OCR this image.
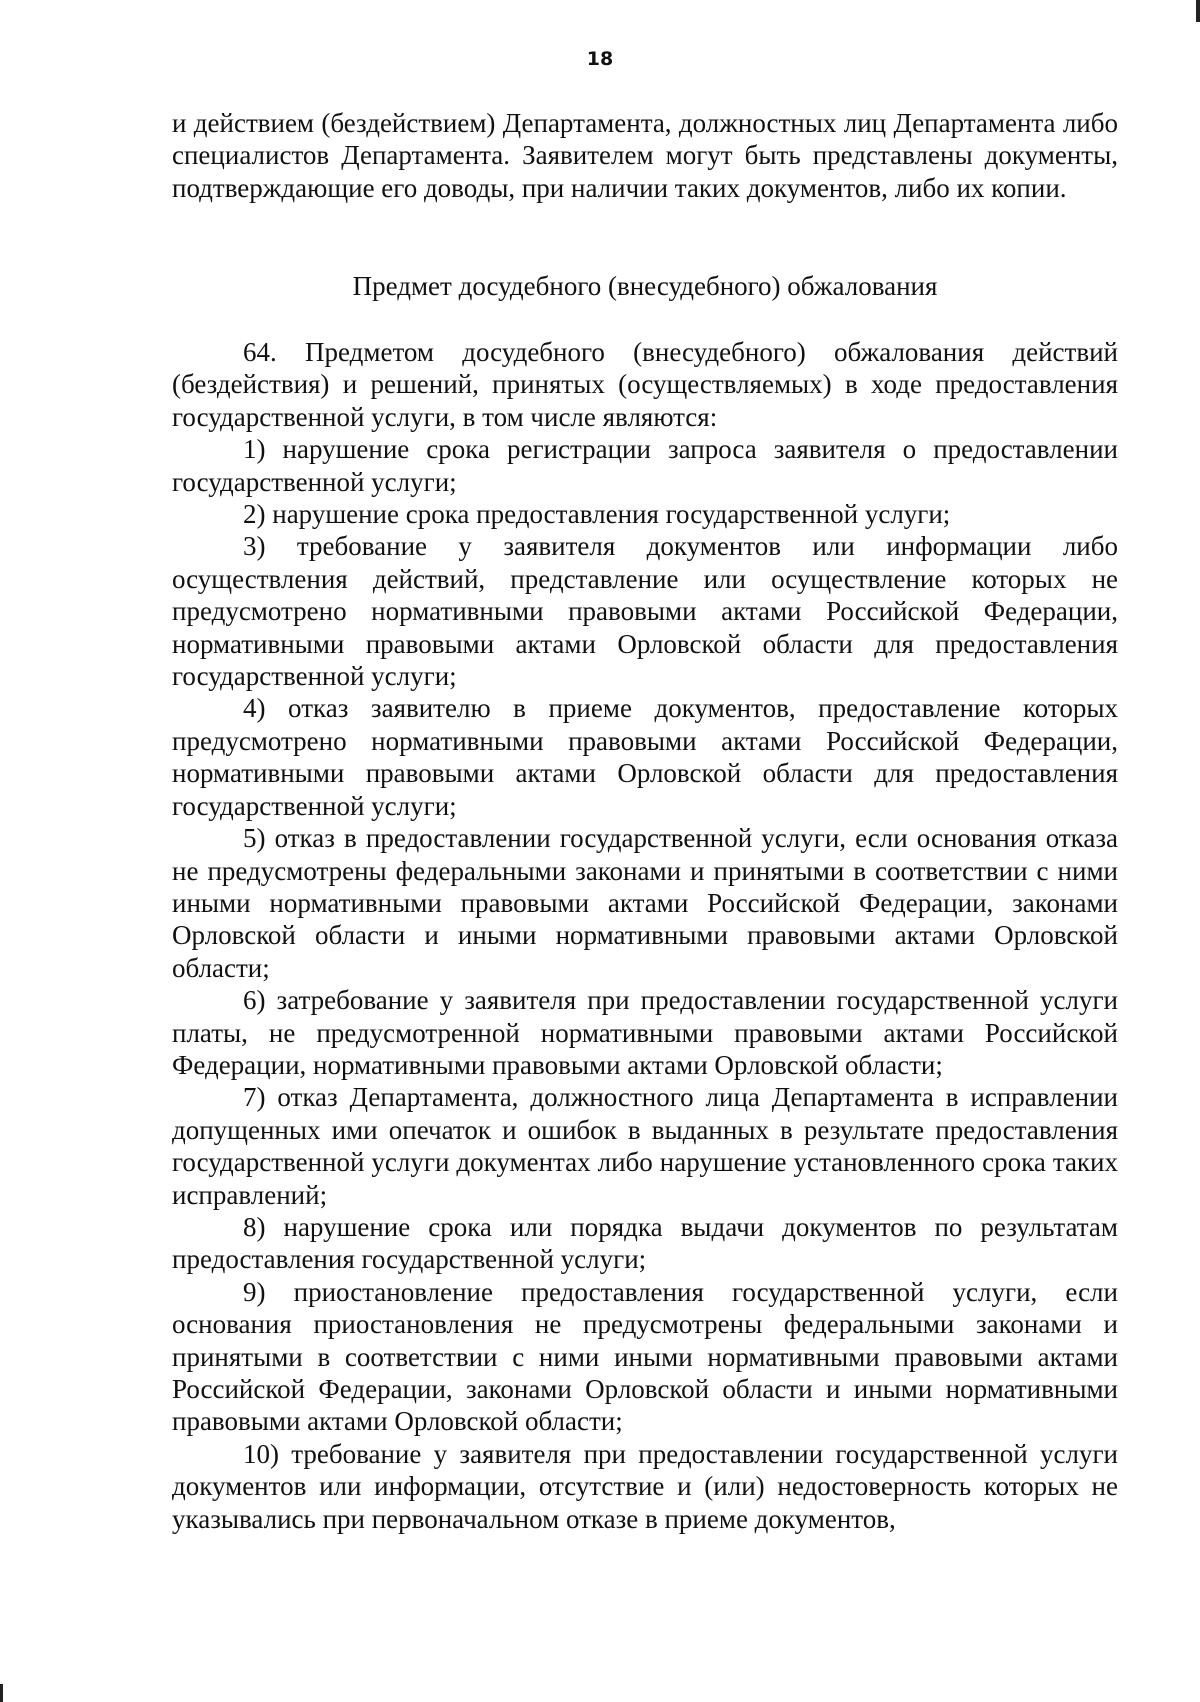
18

и действием (бездействием) Департамента, должностных лиц Департамента либо специалистов Департамента. Заявителем могут быть представлены документы, подтверждающие его доводы, при наличии таких документов, либо их копии.

Предмет досудебного (внесудебного) обжалования

64. Предметом досудебного (внесудебного) обжалования действий (бездействия) и решений, принятых (осуществляемых) в ходе предоставления государственной услуги, в том числе являются:

1) нарушение срока регистрации запроса заявителя о предоставлении государственной услуги;

2) нарушение срока предоставления государственной услуги;

3) требование у заявителя документов или информации либо осуществления действий, представление или осуществление которых не предусмотрено нормативными правовыми актами Российской Федерации, нормативными правовыми актами Орловской области для предоставления государственной услуги;

4) отказ заявителю в приеме документов, предоставление которых предусмотрено нормативными правовыми актами Российской Федерации, нормативными правовыми актами Орловской области для предоставления государственной услуги;

5) отказ в предоставлении государственной услуги, если основания отказа не предусмотрены федеральными законами и принятыми в соответствии с ними иными нормативными правовыми актами Российской Федерации, законами Орловской области и иными нормативными правовыми актами Орловской области;

6) затребование у заявителя при предоставлении государственной услуги платы, не предусмотренной нормативными правовыми актами Российской Федерации, нормативными правовыми актами Орловской области;

7) отказ Департамента, должностного лица Департамента в исправлении допущенных ими опечаток и ошибок в выданных в результате предоставления государственной услуги документах либо нарушение установленного срока таких исправлений;

8) нарушение срока или порядка выдачи документов по результатам предоставления государственной услуги;

9) приостановление предоставления государственной услуги, если основания приостановления не предусмотрены федеральными законами и принятыми в соответствии с ними иными нормативными правовыми актами Российской Федерации, законами Орловской области и иными нормативными правовыми актами Орловской области;

10) требование у заявителя при предоставлении государственной услуги документов или информации, отсутствие и (или) недостоверность которых не указывались при первоначальном отказе в приеме документов,
